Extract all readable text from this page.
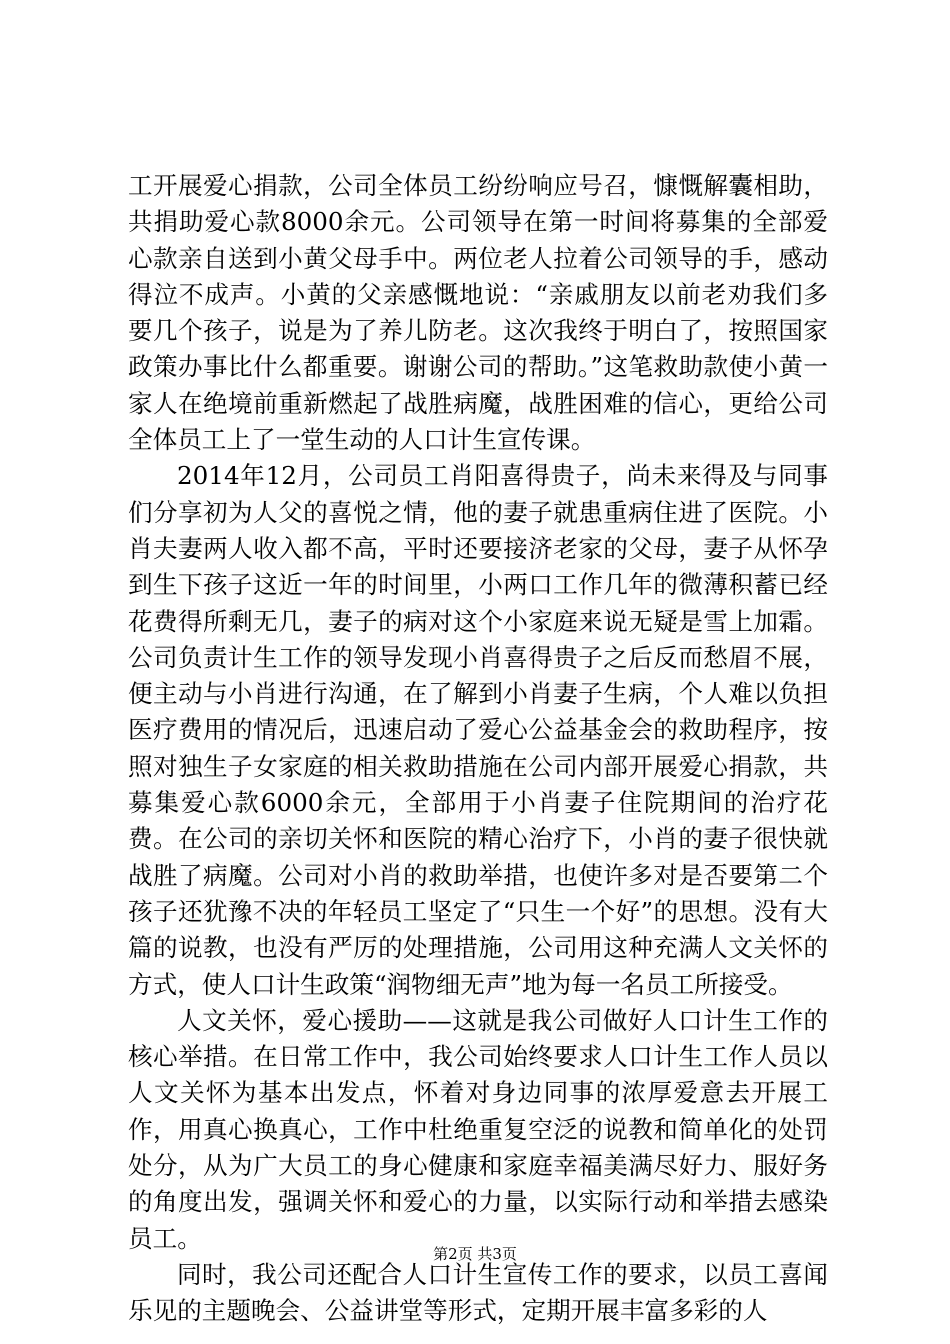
工开展爱心捐款，公司全体员工纷纷响应号召，慷慨解囊相助，共捐助爱心款8000余元。公司领导在第一时间将募集的全部爱心款亲自送到小黄父母手中。两位老人拉着公司领导的手，感动得泣不成声。小黄的父亲感慨地说：“亲戚朋友以前老劝我们多要几个孩子，说是为了养儿防老。这次我终于明白了，按照国家政策办事比什么都重要。谢谢公司的帮助。”这笔救助款使小黄一家人在绝境前重新燃起了战胜病魔，战胜困难的信心，更给公司全体员工上了一堂生动的人口计生宣传课。

2014年12月，公司员工肖阳喜得贵子，尚未来得及与同事们分享初为人父的喜悦之情，他的妻子就患重病住进了医院。小肖夫妻两人收入都不高，平时还要接济老家的父母，妻子从怀孕到生下孩子这近一年的时间里，小两口工作几年的微薄积蓄已经花费得所剩无几，妻子的病对这个小家庭来说无疑是雪上加霜。公司负责计生工作的领导发现小肖喜得贵子之后反而愁眉不展，便主动与小肖进行沟通，在了解到小肖妻子生病，个人难以负担医疗费用的情况后，迅速启动了爱心公益基金会的救助程序，按照对独生子女家庭的相关救助措施在公司内部开展爱心捐款，共募集爱心款6000余元，全部用于小肖妻子住院期间的治疗花费。在公司的亲切关怀和医院的精心治疗下，小肖的妻子很快就战胜了病魔。公司对小肖的救助举措，也使许多对是否要第二个孩子还犹豫不决的年轻员工坚定了“只生一个好”的思想。没有大篇的说教，也没有严厉的处理措施，公司用这种充满人文关怀的方式，使人口计生政策“润物细无声”地为每一名员工所接受。

人文关怀，爱心援助——这就是我公司做好人口计生工作的核心举措。在日常工作中，我公司始终要求人口计生工作人员以人文关怀为基本出发点，怀着对身边同事的浓厚爱意去开展工作，用真心换真心，工作中杜绝重复空泛的说教和简单化的处罚处分，从为广大员工的身心健康和家庭幸福美满尽好力、服好务的角度出发，强调关怀和爱心的力量，以实际行动和举措去感染员工。

同时，我公司还配合人口计生宣传工作的要求，以员工喜闻乐见的主题晚会、公益讲堂等形式，定期开展丰富多彩的人

第2页 共3页
